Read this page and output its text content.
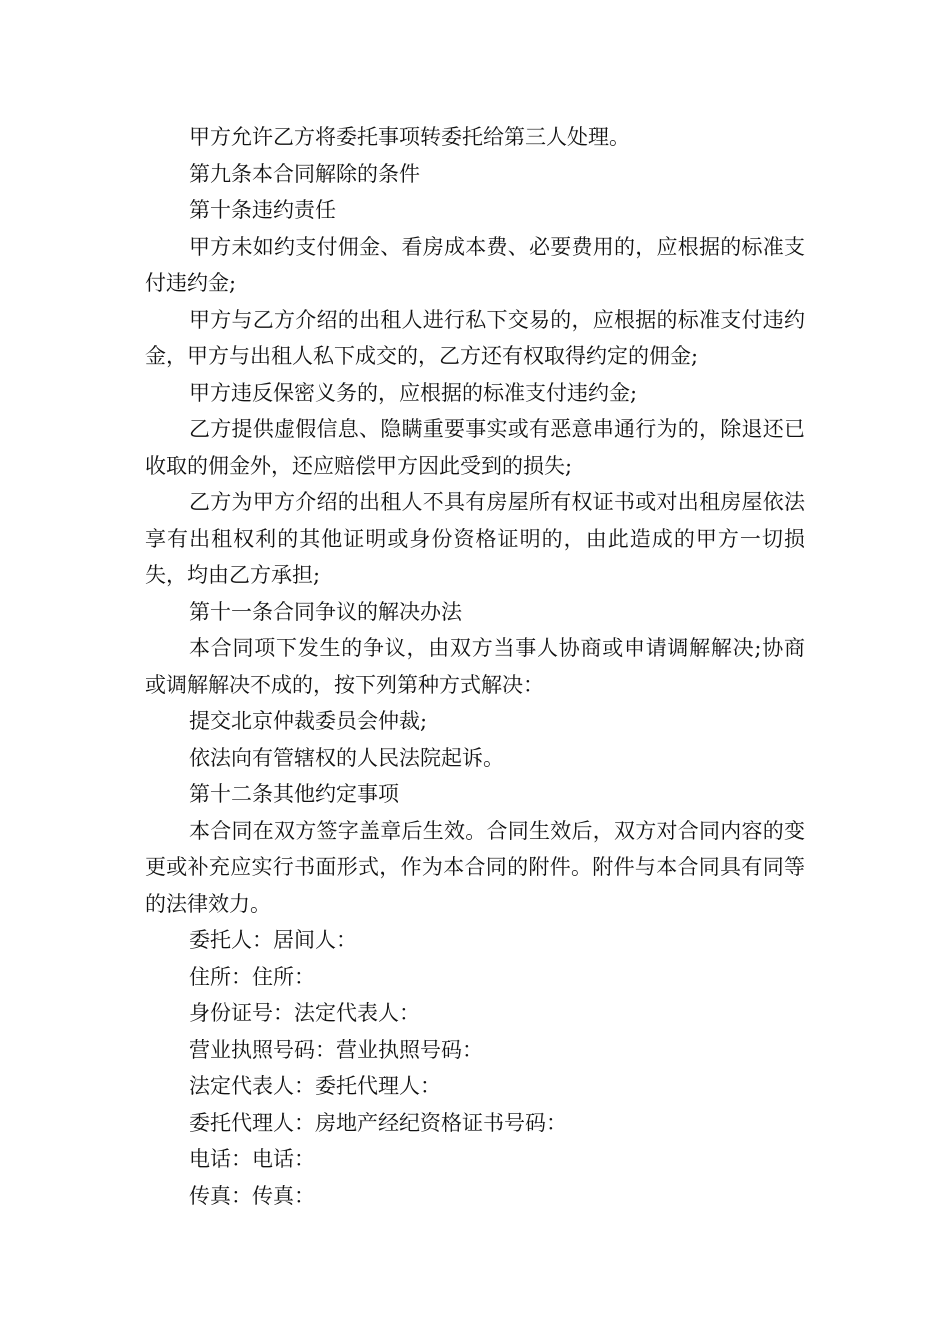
甲方允许乙方将委托事项转委托给第三人处理。

第九条本合同解除的条件

第十条违约责任

甲方未如约支付佣金、看房成本费、必要费用的，应根据的标准支付违约金;

甲方与乙方介绍的出租人进行私下交易的，应根据的标准支付违约金，甲方与出租人私下成交的，乙方还有权取得约定的佣金;

甲方违反保密义务的，应根据的标准支付违约金;

乙方提供虚假信息、隐瞒重要事实或有恶意串通行为的，除退还已收取的佣金外，还应赔偿甲方因此受到的损失;

乙方为甲方介绍的出租人不具有房屋所有权证书或对出租房屋依法享有出租权利的其他证明或身份资格证明的，由此造成的甲方一切损失，均由乙方承担;

第十一条合同争议的解决办法

本合同项下发生的争议，由双方当事人协商或申请调解解决;协商或调解解决不成的，按下列第种方式解决：

提交北京仲裁委员会仲裁;

依法向有管辖权的人民法院起诉。

第十二条其他约定事项

本合同在双方签字盖章后生效。合同生效后，双方对合同内容的变更或补充应实行书面形式，作为本合同的附件。附件与本合同具有同等的法律效力。

委托人：居间人：

住所：住所：

身份证号：法定代表人：

营业执照号码：营业执照号码：

法定代表人：委托代理人：

委托代理人：房地产经纪资格证书号码：

电话：电话：

传真：传真：
